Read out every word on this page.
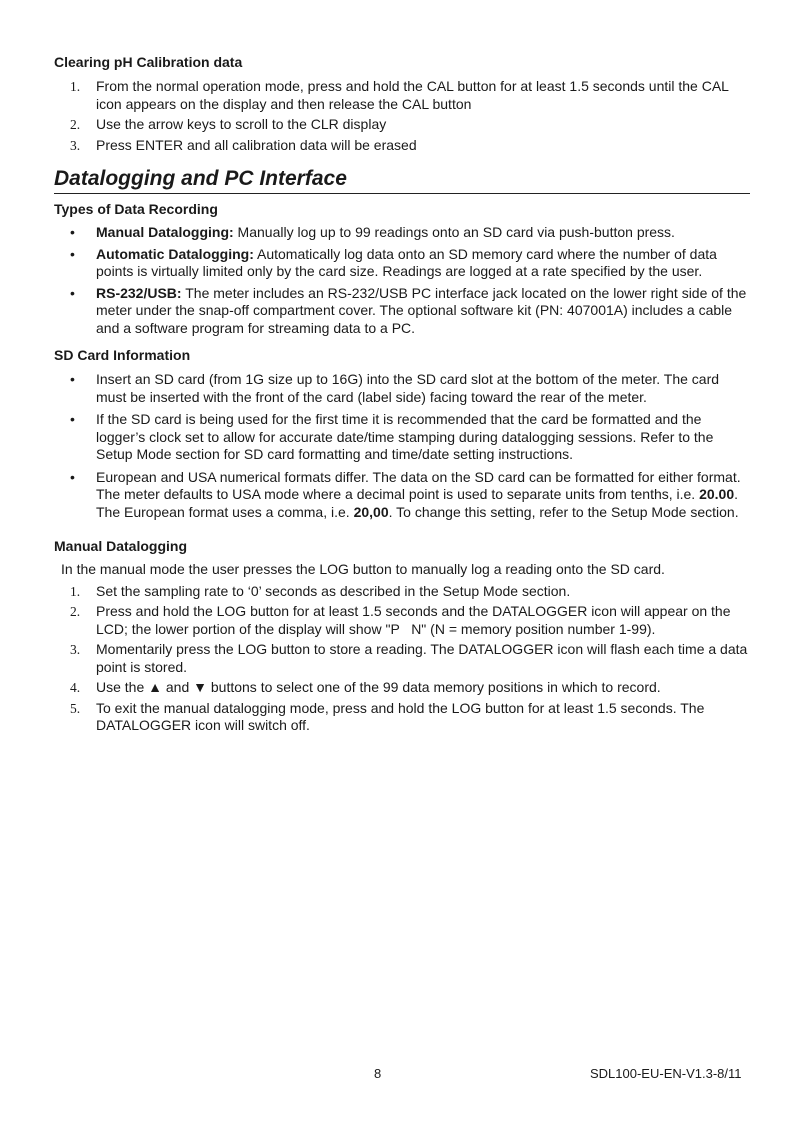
Clearing pH Calibration data
1.	From the normal operation mode, press and hold the CAL button for at least 1.5 seconds until the CAL icon appears on the display and then release the CAL button
2.	Use the arrow keys to scroll to the CLR display
3.	Press ENTER and all calibration data will be erased
Datalogging and PC Interface
Types of Data Recording
•
Manual Datalogging: Manually log up to 99 readings onto an SD card via push-button press.
•
Automatic Datalogging: Automatically log data onto an SD memory card where the number of data points is virtually limited only by the card size. Readings are logged at a rate specified by the user.
•
RS-232/USB: The meter includes an RS-232/USB PC interface jack located on the lower right side of the meter under the snap-off compartment cover. The optional software kit (PN: 407001A) includes a cable and a software program for streaming data to a PC.
SD Card Information
•
Insert an SD card (from 1G size up to 16G) into the SD card slot at the bottom of the meter. The card must be inserted with the front of the card (label side) facing toward the rear of the meter.
•
If the SD card is being used for the first time it is recommended that the card be formatted and the logger’s clock set to allow for accurate date/time stamping during datalogging sessions. Refer to the Setup Mode section for SD card formatting and time/date setting instructions.
•
European and USA numerical formats differ. The data on the SD card can be formatted for either format. The meter defaults to USA mode where a decimal point is used to separate units from tenths, i.e. 20.00. The European format uses a comma, i.e. 20,00. To change this setting, refer to the Setup Mode section.
Manual Datalogging
In the manual mode the user presses the LOG button to manually log a reading onto the SD card.
1.	Set the sampling rate to ‘0’ seconds as described in the Setup Mode section.
2.	Press and hold the LOG button for at least 1.5 seconds and the DATALOGGER icon will appear on the LCD; the lower portion of the display will show "P   N" (N = memory position number 1-99).
3.	Momentarily press the LOG button to store a reading. The DATALOGGER icon will flash each time a data point is stored.
4.	Use the ▲ and ▼ buttons to select one of the 99 data memory positions in which to record.
5.	To exit the manual datalogging mode, press and hold the LOG button for at least 1.5 seconds. The DATALOGGER icon will switch off.
8	SDL100-EU-EN-V1.3-8/11
